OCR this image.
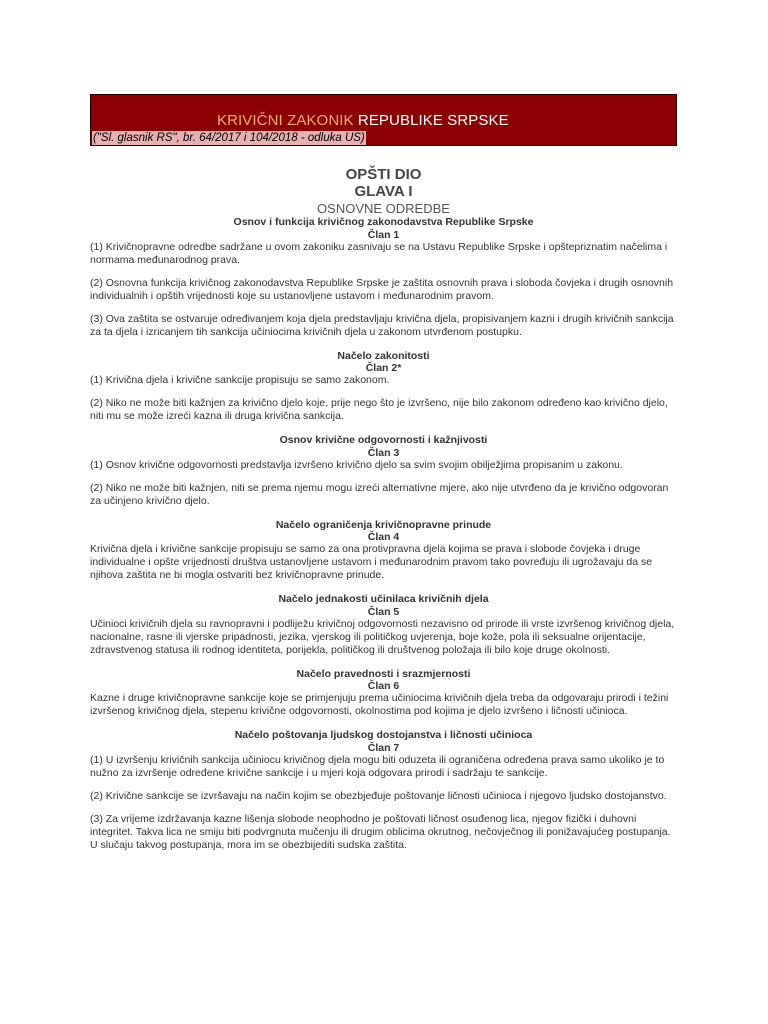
KRIVIČNI ZAKONIK REPUBLIKE SRPSKE
("Sl. glasnik RS", br. 64/2017 i 104/2018 - odluka US)
OPŠTI DIO
GLAVA I
OSNOVNE ODREDBE
Osnov i funkcija krivičnog zakonodavstva Republike Srpske
Član 1

(1) Krivičnopravne odredbe sadržane u ovom zakoniku zasnivaju se na Ustavu Republike Srpske i opštepriznatim načelima i normama međunarodnog prava.

(2) Osnovna funkcija krivičnog zakonodavstva Republike Srpske je zaštita osnovnih prava i sloboda čovjeka i drugih osnovnih individualnih i opštih vrijednosti koje su ustanovljene ustavom i međunarodnim pravom.

(3) Ova zaštita se ostvaruje određivanjem koja djela predstavljaju krivična djela, propisivanjem kazni i drugih krivičnih sankcija za ta djela i izricanjem tih sankcija učiniocima krivičnih djela u zakonom utvrđenom postupku.

Načelo zakonitosti
Član 2*

(1) Krivična djela i krivične sankcije propisuju se samo zakonom.

(2) Niko ne može biti kažnjen za krivično djelo koje, prije nego što je izvršeno, nije bilo zakonom određeno kao krivično djelo, niti mu se može izreći kazna ili druga krivična sankcija.

Osnov krivične odgovornosti i kažnjivosti
Član 3

(1) Osnov krivične odgovornosti predstavlja izvršeno krivično djelo sa svim svojim obilježjima propisanim u zakonu.

(2) Niko ne može biti kažnjen, niti se prema njemu mogu izreći alternativne mjere, ako nije utvrđeno da je krivično odgovoran za učinjeno krivično djelo.

Načelo ograničenja krivičnopravne prinude
Član 4

Krivična djela i krivične sankcije propisuju se samo za ona protivpravna djela kojima se prava i slobode čovjeka i druge individualne i opšte vrijednosti društva ustanovljene ustavom i međunarodnim pravom tako povređuju ili ugrožavaju da se njihova zaštita ne bi mogla ostvariti bez krivičnopravne prinude.

Načelo jednakosti učinilaca krivičnih djela
Član 5

Učinioci krivičnih djela su ravnopravni i podliježu krivičnoj odgovornosti nezavisno od prirode ili vrste izvršenog krivičnog djela, nacionalne, rasne ili vjerske pripadnosti, jezika, vjerskog ili političkog uvjerenja, boje kože, pola ili seksualne orijentacije, zdravstvenog statusa ili rodnog identiteta, porijekla, političkog ili društvenog položaja ili bilo koje druge okolnosti.

Načelo pravednosti i srazmjernosti
Član 6

Kazne i druge krivičnopravne sankcije koje se primjenjuju prema učiniocima krivičnih djela treba da odgovaraju prirodi i težini izvršenog krivičnog djela, stepenu krivične odgovornosti, okolnostima pod kojima je djelo izvršeno i ličnosti učinioca.

Načelo poštovanja ljudskog dostojanstva i ličnosti učinioca
Član 7

(1) U izvršenju krivičnih sankcija učiniocu krivičnog djela mogu biti oduzeta ili ograničena određena prava samo ukoliko je to nužno za izvršenje određene krivične sankcije i u mjeri koja odgovara prirodi i sadržaju te sankcije.

(2) Krivične sankcije se izvršavaju na način kojim se obezbjeđuje poštovanje ličnosti učinioca i njegovo ljudsko dostojanstvo.

(3) Za vrijeme izdržavanja kazne lišenja slobode neophodno je poštovati ličnost osuđenog lica, njegov fizički i duhovni integritet. Takva lica ne smiju biti podvrgnuta mučenju ili drugim oblicima okrutnog, nečovječnog ili ponižavajućeg postupanja. U slučaju takvog postupanja, mora im se obezbijediti sudska zaštita.
